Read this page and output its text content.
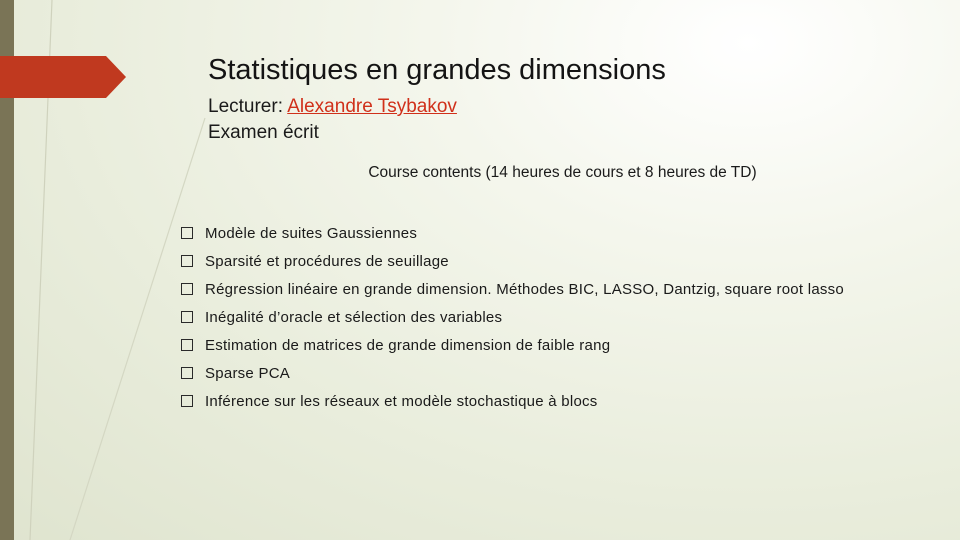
Statistiques en grandes dimensions
Lecturer: Alexandre Tsybakov
Examen écrit
Course contents (14 heures de cours et 8 heures de TD)
Modèle de suites Gaussiennes
Sparsité et procédures de seuillage
Régression linéaire en grande dimension. Méthodes BIC, LASSO, Dantzig, square root lasso
Inégalité d’oracle et sélection des variables
Estimation de matrices de grande dimension de faible rang
Sparse PCA
Inférence sur les réseaux et modèle stochastique à blocs
